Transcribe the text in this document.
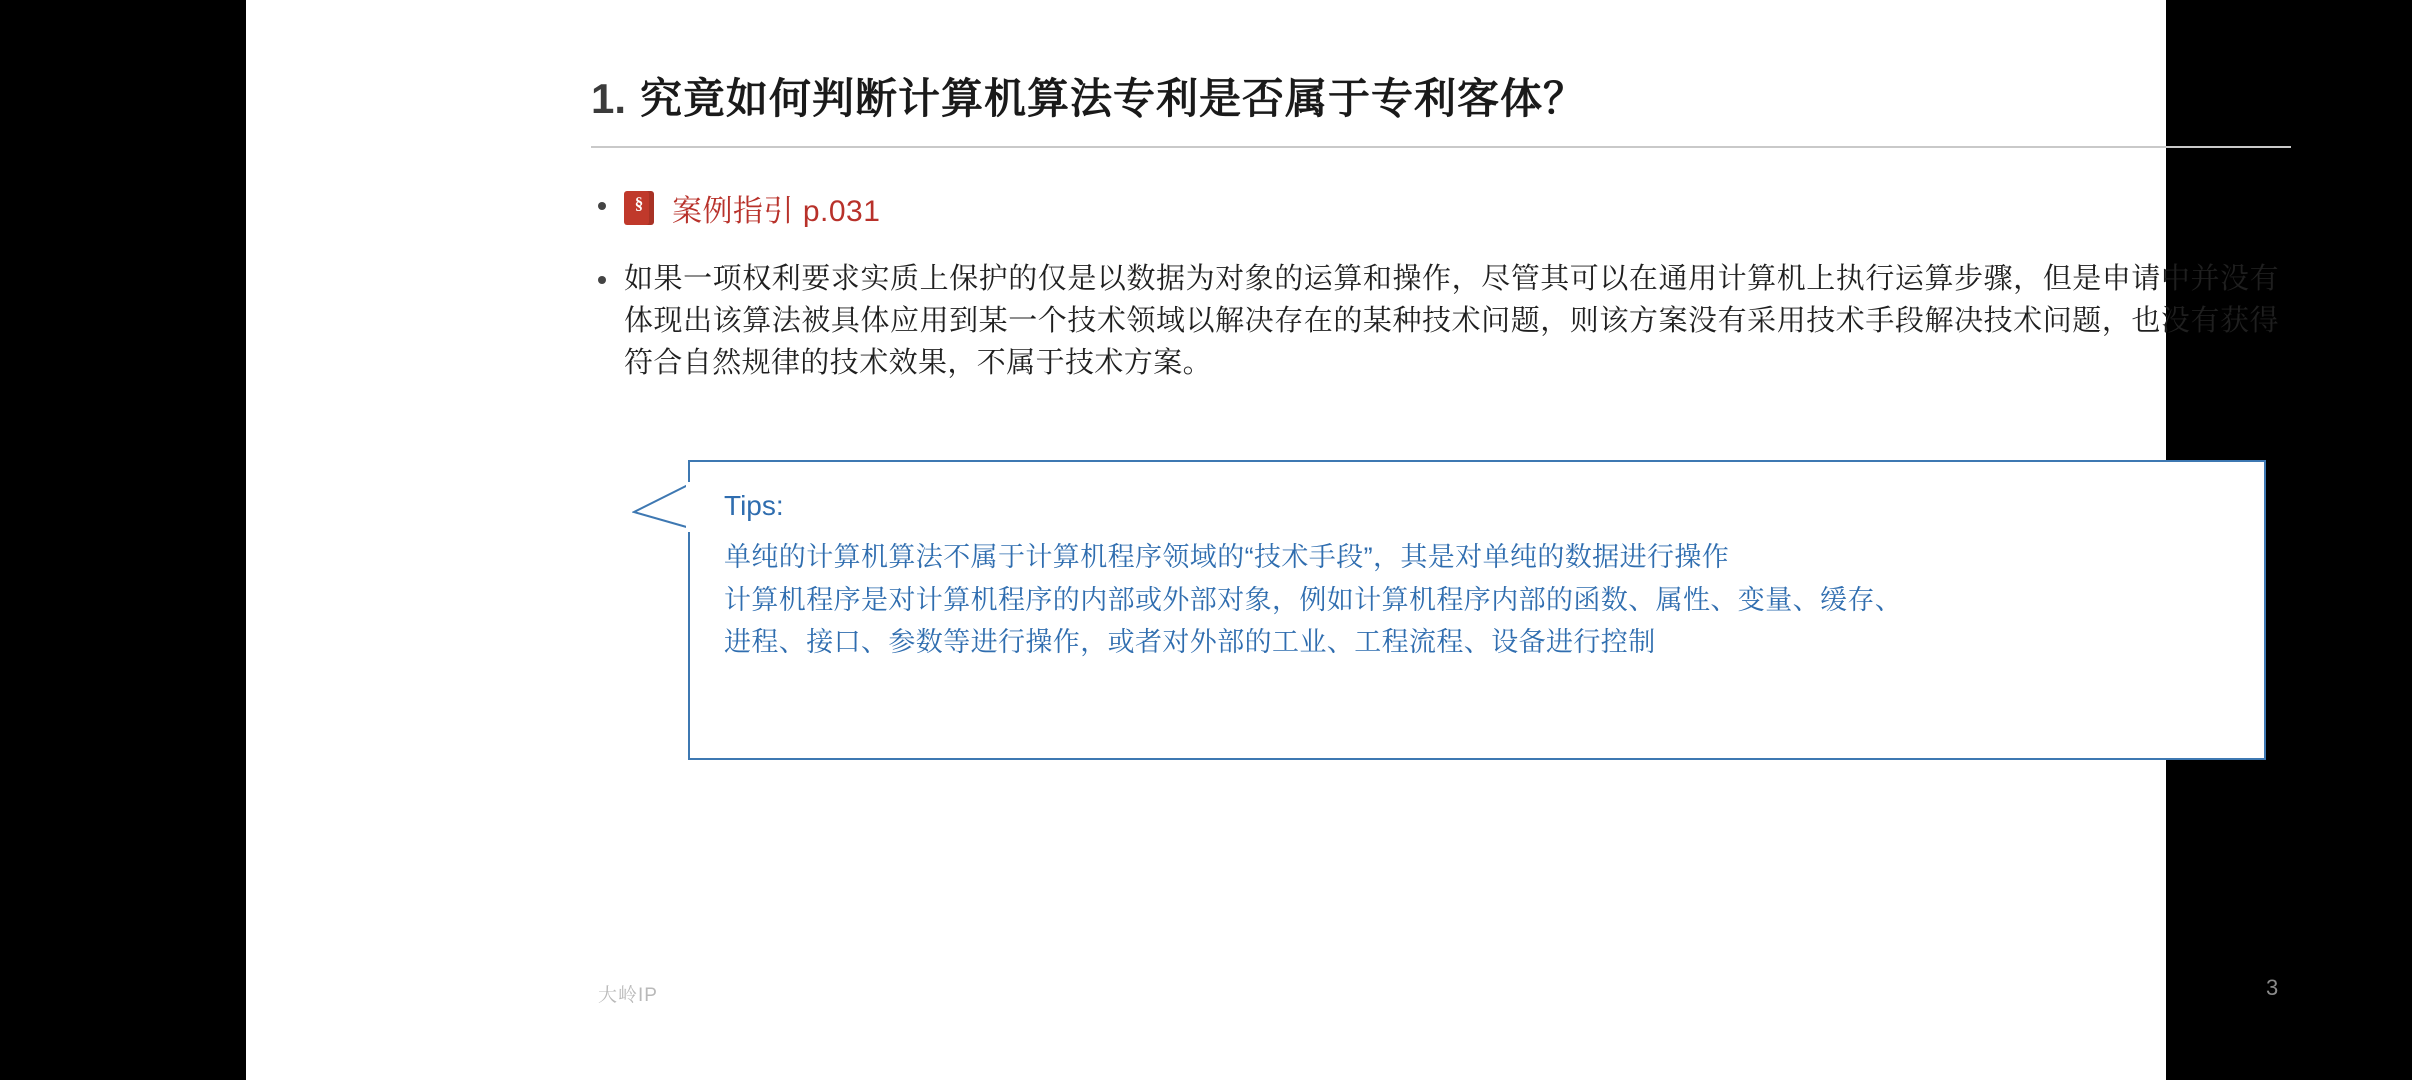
1. 究竟如何判断计算机算法专利是否属于专利客体？
§ 案例指引 p.031
如果一项权利要求实质上保护的仅是以数据为对象的运算和操作，尽管其可以在通用计算机上执行运算步骤，但是申请中并没有体现出该算法被具体应用到某一个技术领域以解决存在的某种技术问题，则该方案没有采用技术手段解决技术问题，也没有获得符合自然规律的技术效果，不属于技术方案。
Tips:
单纯的计算机算法不属于计算机程序领域的“技术手段”，其是对单纯的数据进行操作
计算机程序是对计算机程序的内部或外部对象，例如计算机程序内部的函数、属性、变量、缓存、
进程、接口、参数等进行操作，或者对外部的工业、工程流程、设备进行控制
大岭IP	3
